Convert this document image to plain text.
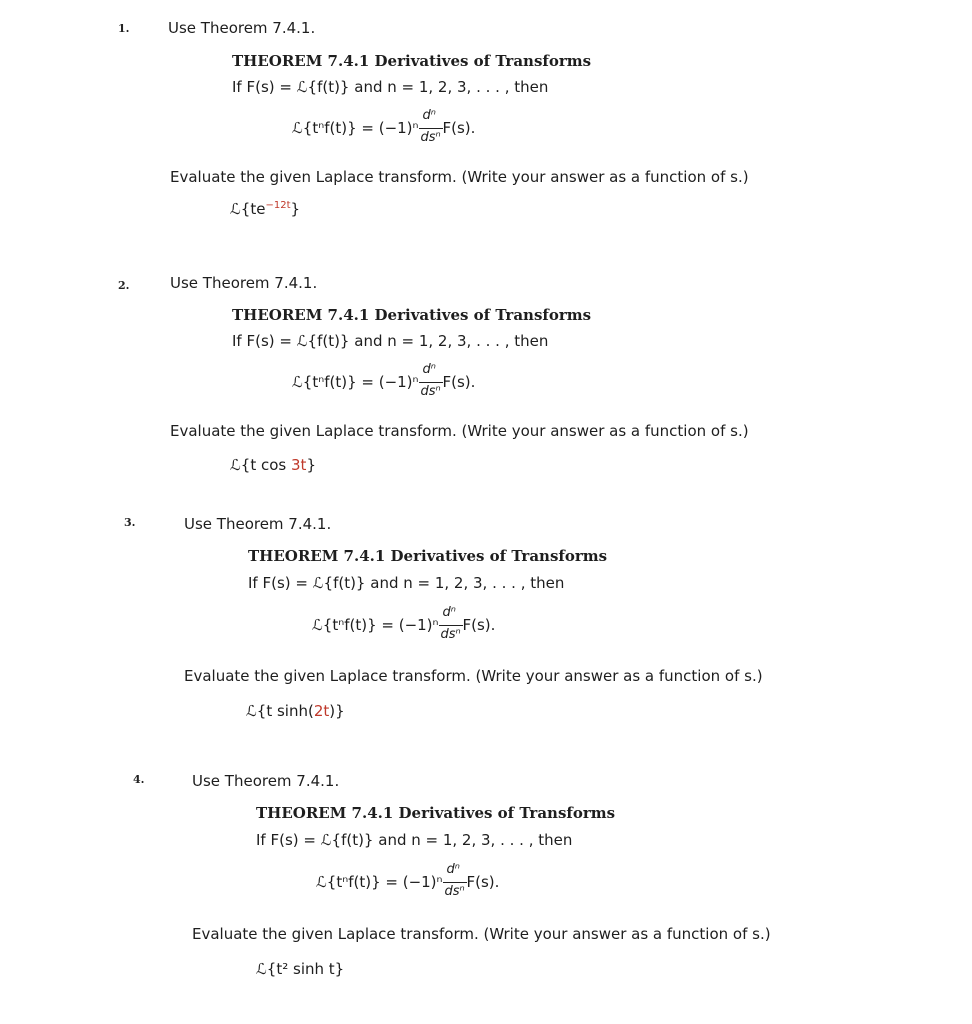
1.	Use Theorem 7.4.1.
THEOREM 7.4.1 Derivatives of Transforms
If F(s) = ℒ{f(t)} and n = 1, 2, 3, . . . , then
ℒ{tⁿf(t)} = $(-1)^n \frac{\text{dⁿ}}{\text{dsⁿ}} F(s)$.
Evaluate the given Laplace transform. (Write your answer as a function of s.)
$ℒ\{te^{-12t}\}$
2.	Use Theorem 7.4.1.
THEOREM 7.4.1 Derivatives of Transforms
If F(s) = ℒ{f(t)} and n = 1, 2, 3, . . . , then
ℒ{tⁿf(t)} = $(-1)^n \frac{\text{dⁿ}}{\text{dsⁿ}} F(s)$.
Evaluate the given Laplace transform. (Write your answer as a function of s.)
ℒ{t cos 3t}
3.	Use Theorem 7.4.1.
THEOREM 7.4.1 Derivatives of Transforms
If F(s) = ℒ{f(t)} and n = 1, 2, 3, . . . , then
ℒ{tⁿf(t)} = $(-1)^n \frac{\text{dⁿ}}{\text{dsⁿ}} F(s)$.
Evaluate the given Laplace transform. (Write your answer as a function of s.)
ℒ{t sinh(2t)}
4.	Use Theorem 7.4.1.
THEOREM 7.4.1 Derivatives of Transforms
If F(s) = ℒ{f(t)} and n = 1, 2, 3, . . . , then
ℒ{tⁿf(t)} = $(-1)^n \frac{\text{dⁿ}}{\text{dsⁿ}} F(s)$.
Evaluate the given Laplace transform. (Write your answer as a function of s.)
ℒ{t² sinh t}
